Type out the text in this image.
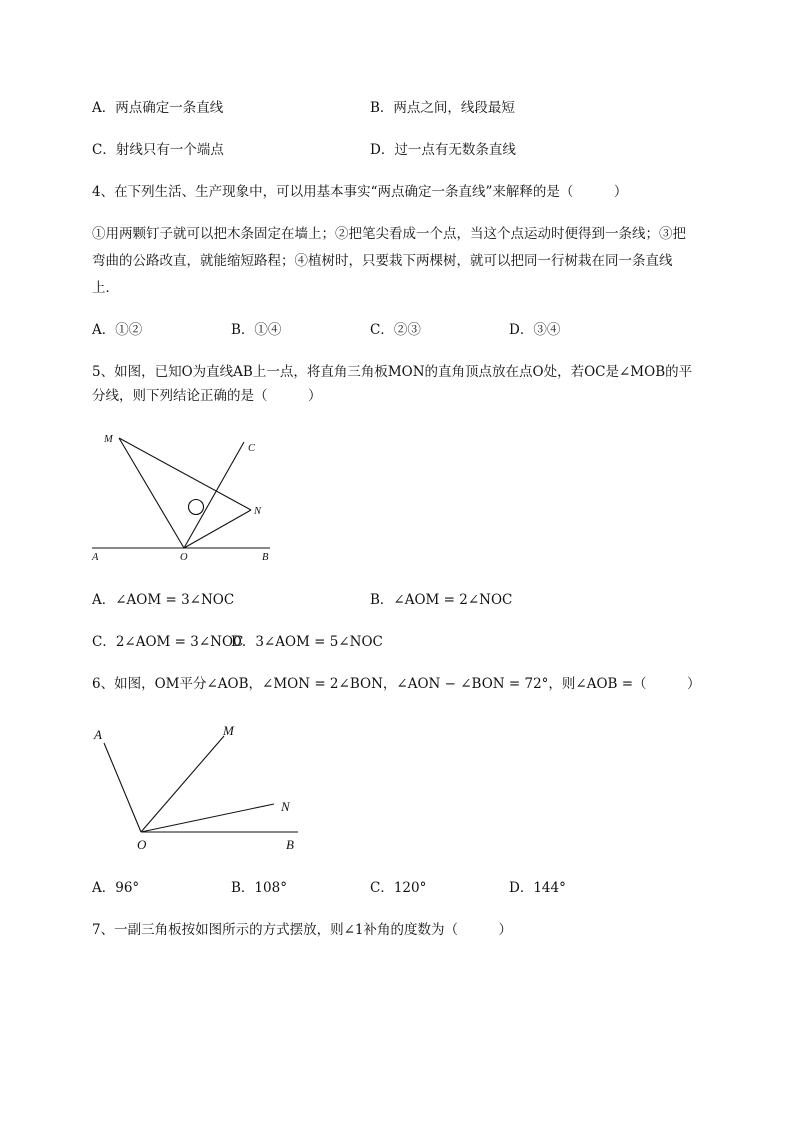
A．两点确定一条直线	B．两点之间，线段最短
C．射线只有一个端点	D．过一点有无数条直线
4、在下列生活、生产现象中，可以用基本事实“两点确定一条直线”来解释的是（　　　）
①用两颗钉子就可以把木条固定在墙上；②把笔尖看成一个点，当这个点运动时便得到一条线；③把
弯曲的公路改直，就能缩短路程；④植树时，只要栽下两棵树，就可以把同一行树栽在同一条直线
上．
A．①②	B．①④	C．②③	D．③④
5、如图，已知O为直线AB上一点，将直角三角板MON的直角顶点放在点O处，若OC是∠MOB的平
分线，则下列结论正确的是（　　　）
M
C
N
A	O	B
A．∠AOM = 3∠NOC	B．∠AOM = 2∠NOC
C．2∠AOM = 3∠NOC
D．3∠AOM = 5∠NOC
6、如图，OM平分∠AOB，∠MON = 2∠BON，∠AON − ∠BON = 72°，则∠AOB =（　　　）
A	M
N
O	B
A．96°	B．108°	C．120°	D．144°
7、一副三角板按如图所示的方式摆放，则∠1补角的度数为（　　　）
